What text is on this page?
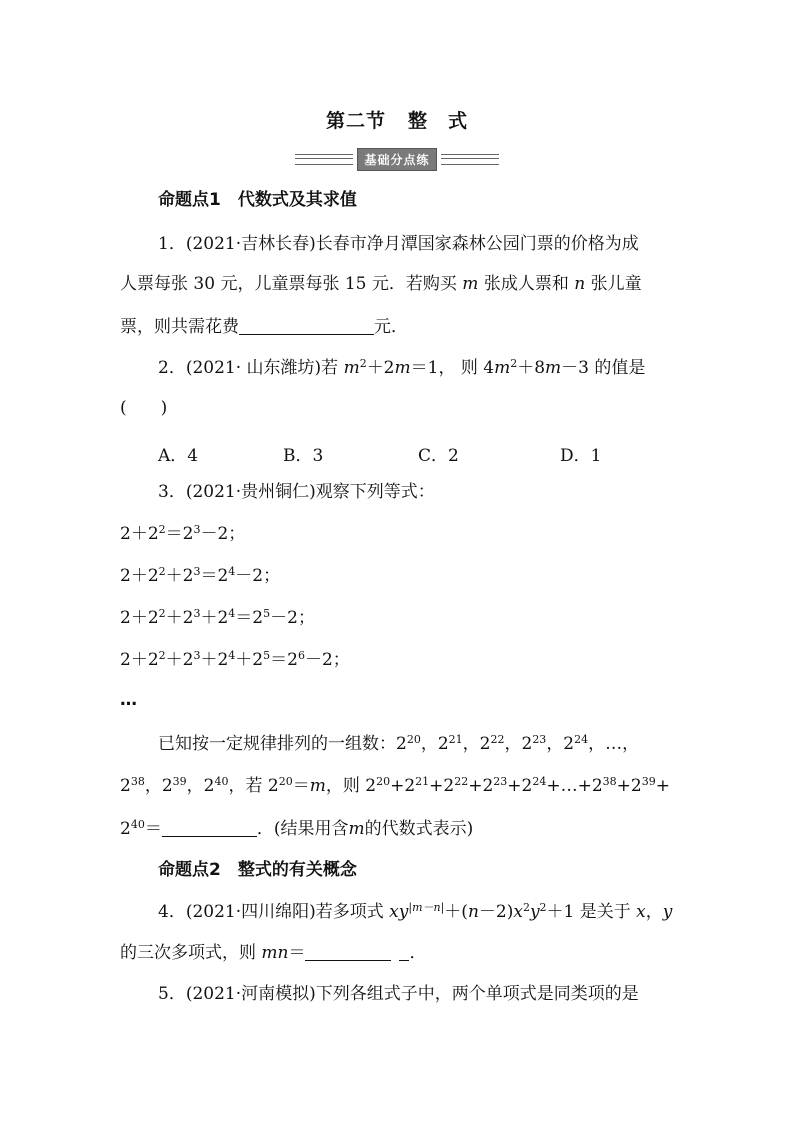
第二节 整　式
基础分点练
命题点1　代数式及其求值
1．(2021·吉林长春)长春市净月潭国家森林公园门票的价格为成
人票每张 30 元，儿童票每张 15 元．若购买 m 张成人票和 n 张儿童
票，则共需花费	元．
2．(2021· 山东潍坊)若 $m^2+2m=1$， 则 $4m^2+8m-3$ 的值是
(　　)
A．4	B．3	C．2	D．1
3．(2021·贵州铜仁)观察下列等式：
$2+2^2=2^3-2$；
$2+2^2+2^3=2^4-2$；
$2+2^2+2^3+2^4=2^5-2$；
$2+2^2+2^3+2^4+2^5=2^6-2$；
…
已知按一定规律排列的一组数：$2^{20}$，$2^{21}$，$2^{22}$，$2^{23}$，$2^{24}$，…，
$2^{38}$，$2^{39}$，$2^{40}$，若 $2^{20}=m$，则 $2^{20}+2^{21}+2^{22}+2^{23}+2^{24}+\dots+2^{38}+2^{39}+$
$2^{40}=$	．(结果用含m的代数式表示)
命题点2　整式的有关概念
4．(2021·四川绵阳)若多项式 $xy^{|m-n|}+(n-2)x^2y^2+1$ 是关于 x，y
的三次多项式，则 mn＝	．
5．(2021·河南模拟)下列各组式子中，两个单项式是同类项的是
